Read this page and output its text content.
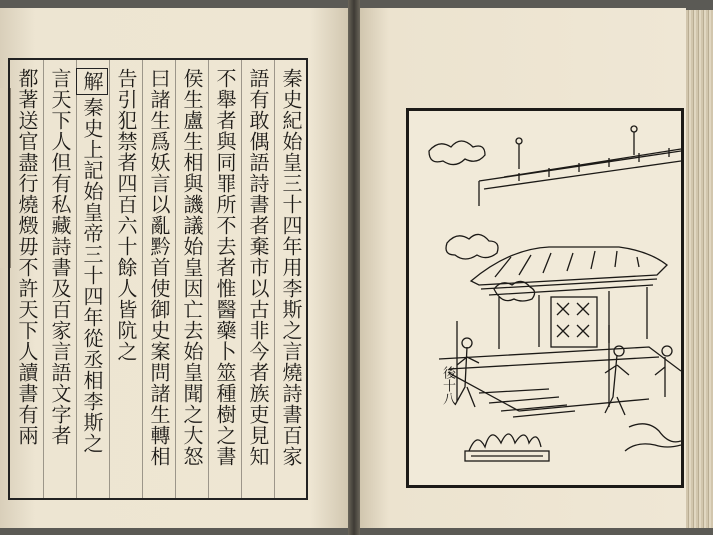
秦史紀始皇三十四年用李斯之言燒詩書百家
語有敢偶語詩書者棄市以古非今者族吏見知
不舉者與同罪所不去者惟醫藥卜筮種樹之書
侯生盧生相與譏議始皇因亡去始皇聞之大怒
曰諸生爲妖言以亂黔首使御史案問諸生轉相
告引犯禁者四百六十餘人皆阬之
解秦史上記始皇帝三十四年從丞相李斯之
言天下人但有私藏詩書及百家言語文字者
都著送官盡行燒燬毋不許天下人讀書有兩	後十八
